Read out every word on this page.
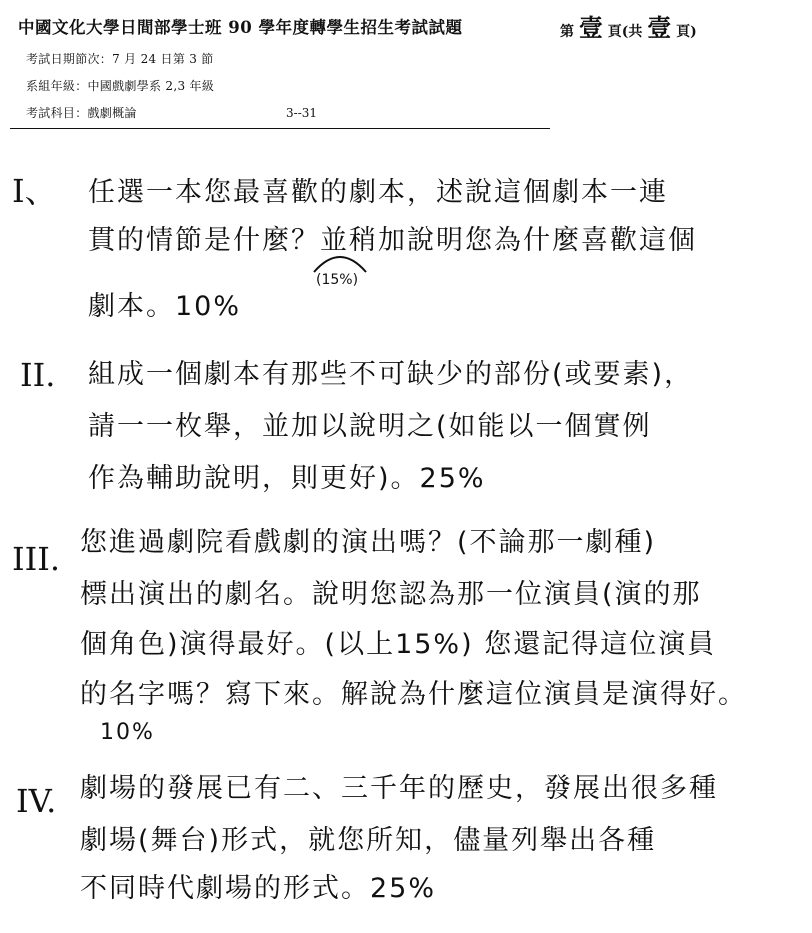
中國文化大學日間部學士班 90 學年度轉學生招生考試試題	第 壹 頁(共 壹 頁)
考試日期節次：7 月 24 日第 3 節
系組年級：中國戲劇學系 2,3 年級
考試科目：戲劇概論	3--31
I、 任選一本您最喜歡的劇本，述說這個劇本一連
貫的情節是什麼？並稍加說明您為什麼喜歡這個
(15%)
劇本。10%
II. 組成一個劇本有那些不可缺少的部份(或要素)，
請一一枚舉，並加以說明之(如能以一個實例
作為輔助說明，則更好)。25%
III. 您進過劇院看戲劇的演出嗎？(不論那一劇種)
標出演出的劇名。說明您認為那一位演員(演的那
個角色)演得最好。(以上15%) 您還記得這位演員
的名字嗎？寫下來。解說為什麼這位演員是演得好。
10%
IV. 劇場的發展已有二、三千年的歷史，發展出很多種
劇場(舞台)形式，就您所知，儘量列舉出各種
不同時代劇場的形式。25%
